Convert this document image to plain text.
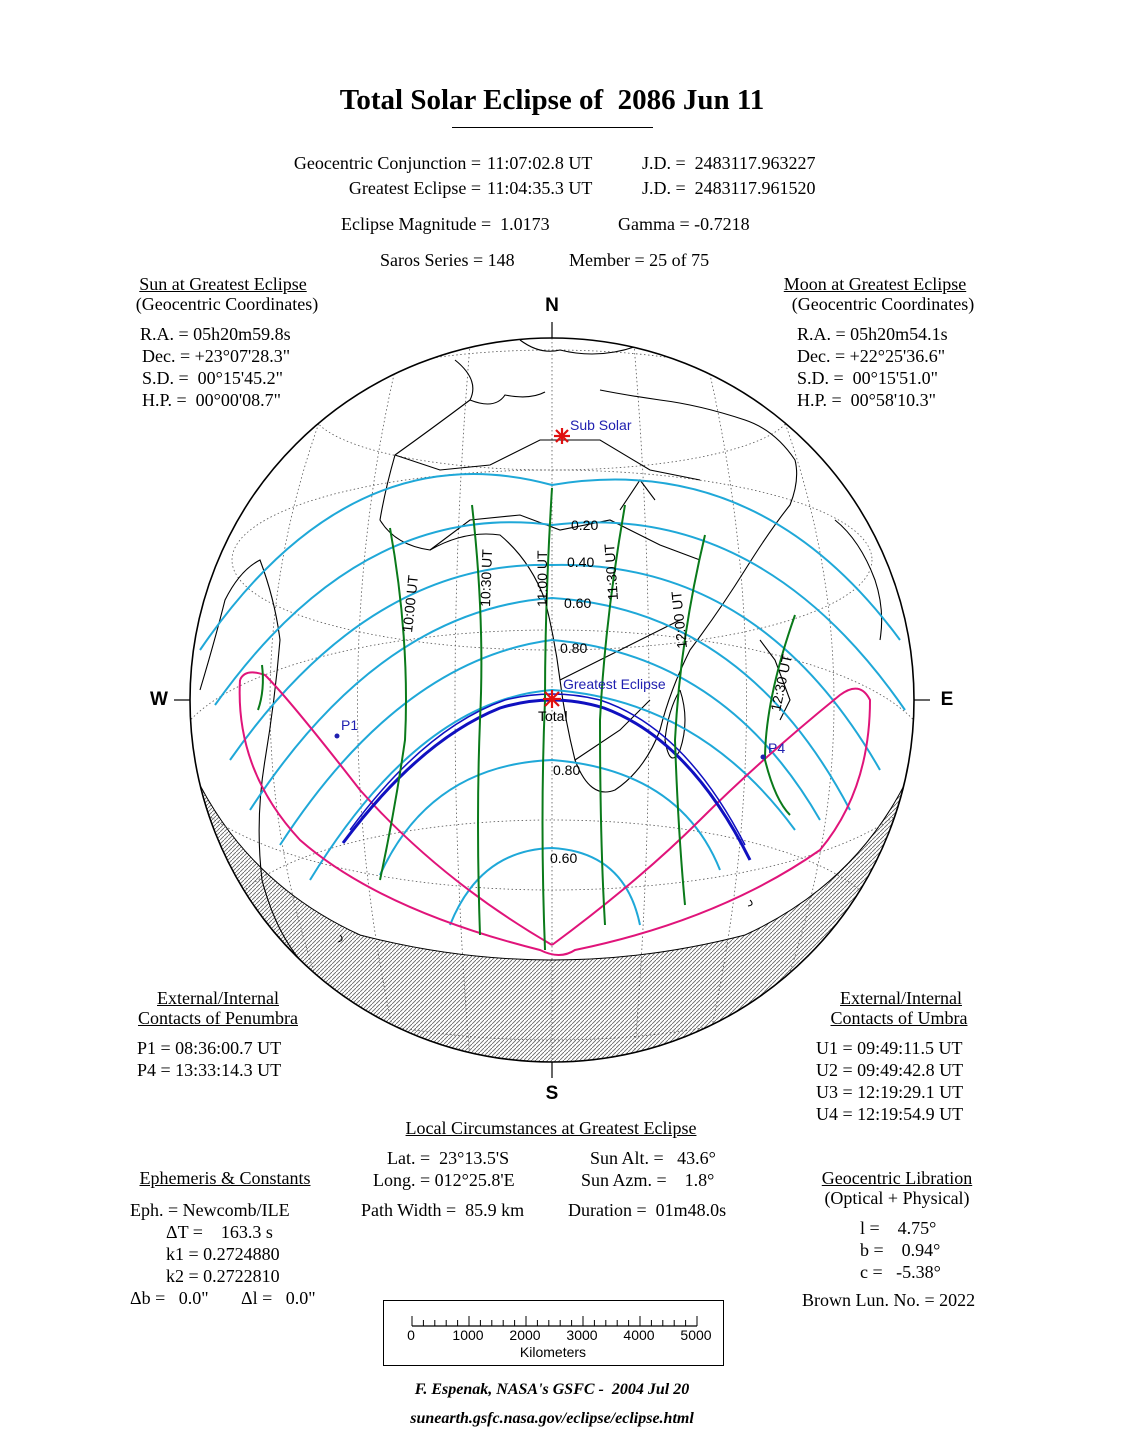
Total Solar Eclipse of  2086 Jun 11
Geocentric Conjunction = 11:07:02.8 UT	J.D. =  2483117.963227
Greatest Eclipse = 11:04:35.3 UT	J.D. =  2483117.961520
Eclipse Magnitude =  1.0173	Gamma = -0.7218
Saros Series = 148	Member = 25 of 75
Sun at Greatest Eclipse
(Geocentric Coordinates)
R.A. = 05h20m59.8s
Dec. = +23°07'28.3"
S.D. =  00°15'45.2"
H.P. =  00°00'08.7"
Moon at Greatest Eclipse
(Geocentric Coordinates)
R.A. = 05h20m54.1s
Dec. = +22°25'36.6"
S.D. =  00°15'51.0"
H.P. =  00°58'10.3"
Sub Solar
Greatest Eclipse
Total
P1
P4
0.20
0.40
0.60
0.80
0.80
0.60
10:00 UT	10:30 UT	11:00 UT	11:30 UT
12:00 UT
12:30 UT
N
S
W	E
External/Internal
Contacts of Penumbra
P1 = 08:36:00.7 UT
P4 = 13:33:14.3 UT
External/Internal
Contacts of Umbra
U1 = 09:49:11.5 UT
U2 = 09:49:42.8 UT
U3 = 12:19:29.1 UT
U4 = 12:19:54.9 UT
Local Circumstances at Greatest Eclipse
Lat. =  23°13.5'S
Long. = 012°25.8'E
Sun Alt. =   43.6°
Sun Azm. =    1.8°
Path Width =  85.9 km Duration =  01m48.0s
Ephemeris & Constants
Eph. = Newcomb/ILE
ΔT =    163.3 s
k1 = 0.2724880
k2 = 0.2722810
Δb =   0.0" Δl =   0.0"
Geocentric Libration
(Optical + Physical)
l =    4.75°
b =    0.94°
c =   -5.38°
Brown Lun. No. = 2022
0	1000 2000 3000 4000 5000
Kilometers
F. Espenak, NASA's GSFC -  2004 Jul 20
sunearth.gsfc.nasa.gov/eclipse/eclipse.html
